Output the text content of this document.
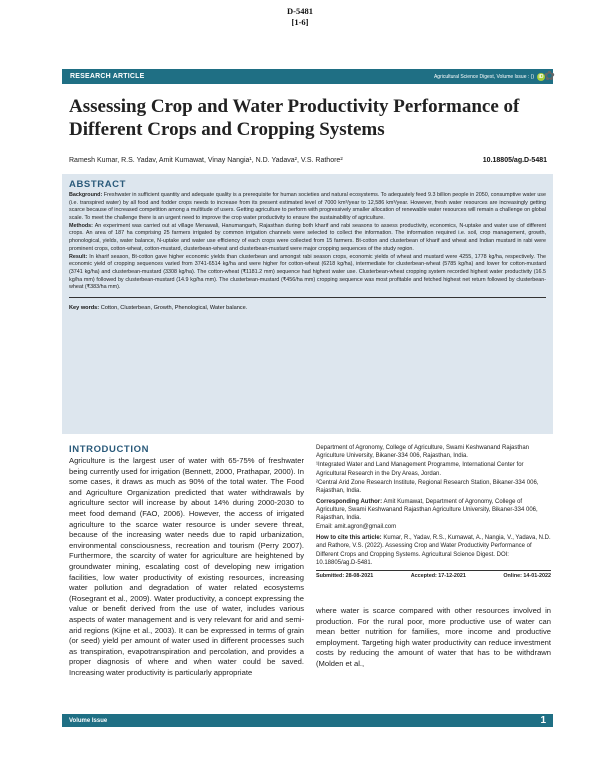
D-5481
[1-6]
RESEARCH ARTICLE	Agricultural Science Digest, Volume Issue : () iD ✿
Assessing Crop and Water Productivity Performance of Different Crops and Cropping Systems
Ramesh Kumar, R.S. Yadav, Amit Kumawat, Vinay Nangia¹, N.D. Yadava², V.S. Rathore²	10.18805/ag.D-5481
ABSTRACT

Background: Freshwater in sufficient quantity and adequate quality is a prerequisite for human societies and natural ecosystems. To adequately feed 9.3 billion people in 2050, consumptive water use (i.e. transpired water) by all food and fodder crops needs to increase from its present estimated level of 7000 km³/year to 12,586 km³/year. However, fresh water resources are increasingly getting scarce because of increased competition among a multitude of users. Getting agriculture to perform with progressively smaller allocation of renewable water resources will remain a challenge on global scale. To meet the challenge there is an urgent need to improve the crop water productivity to ensure the sustainability of agriculture.

Methods: An experiment was carried out at village Menawali, Hanumangarh, Rajasthan during both kharif and rabi seasons to assess productivity, economics, N-uptake and water use of different crops. An area of 187 ha comprising 25 farmers irrigated by common irrigation channels were selected to collect the information. The information required i.e. soil, crop management, growth, phonological, yields, water balance, N-uptake and water use efficiency of each crops were collected from 15 farmers. Bt-cotton and clusterbean of kharif and wheat and Indian mustard in rabi were prominent crops, cotton-wheat, cotton-mustard, clusterbean-wheat and clusterbean-mustard were major cropping sequences of the study region.

Result: In kharif season, Bt-cotton gave higher economic yields than clusterbean and amongst rabi season crops, economic yields of wheat and mustard were 4255, 1778 kg/ha, respectively. The economic yield of cropping sequences varied from 3741-6514 kg/ha and were higher for cotton-wheat (6218 kg/ha), intermediate for clusterbean-wheat (5785 kg/ha) and lower for cotton-mustard (3741 kg/ha) and clusterbean-mustard (3308 kg/ha). The cotton-wheat (₹1181.2 mm) sequence had highest water use. Clusterbean-wheat cropping system recorded highest water productivity (16.5 kg/ha mm) followed by clusterbean-mustard (14.9 kg/ha mm). The clusterbean-mustard (₹456/ha mm) cropping sequence was most profitable and fetched highest net return followed by clusterbean-wheat (₹383/ha mm).

Key words: Cotton, Clusterbean, Growth, Phenological, Water balance.

INTRODUCTION

Agriculture is the largest user of water with 65-75% of freshwater being currently used for irrigation (Bennett, 2000, Prathapar, 2000). In some cases, it draws as much as 90% of the total water. The Food and Agriculture Organization predicted that water withdrawals by agriculture sector will increase by about 14% during 2000-2030 to meet food demand (FAO, 2006). However, the access of irrigated agriculture to the scarce water resource is under severe threat, because of the increasing water needs due to rapid urbanization, environmental consciousness, recreation and tourism (Perry 2007). Furthermore, the scarcity of water for agriculture are heightened by groundwater mining, escalating cost of developing new irrigation facilities, low water productivity of existing resources, increasing water pollution and degradation of water related ecosystems (Rosegrant et al., 2009). Water productivity, a concept expressing the value or benefit derived from the use of water, includes various aspects of water management and is very relevant for arid and semi-arid regions (Kijne et al., 2003). It can be expressed in terms of grain (or seed) yield per amount of water used in different processes such as transpiration, evapotranspiration and percolation, and provides a proper diagnosis of where and when water could be saved. Increasing water productivity is particularly appropriate

Department of Agronomy, College of Agriculture, Swami Keshwanand Rajasthan Agriculture University, Bikaner-334 006, Rajasthan, India.

¹Integrated Water and Land Management Programme, International Center for Agricultural Research in the Dry Areas, Jordan.

²Central Arid Zone Research Institute, Regional Research Station, Bikaner-334 006, Rajasthan, India.

Corresponding Author: Amit Kumawat, Department of Agronomy, College of Agriculture, Swami Keshwanand Rajasthan Agriculture University, Bikaner-334 006, Rajasthan, India.

Email: amit.agron@gmail.com

How to cite this article: Kumar, R., Yadav, R.S., Kumawat, A., Nangia, V., Yadava, N.D. and Rathore, V.S. (2022). Assessing Crop and Water Productivity Performance of Different Crops and Cropping Systems. Agricultural Science Digest. DOI: 10.18805/ag.D-5481.

Submitted: 28-08-2021	Accepted: 17-12-2021	Online: 14-01-2022

where water is scarce compared with other resources involved in production. For the rural poor, more productive use of water can mean better nutrition for families, more income and productive employment. Targeting high water productivity can reduce investment costs by reducing the amount of water that has to be withdrawn (Molden et al.,

Volume Issue	1
